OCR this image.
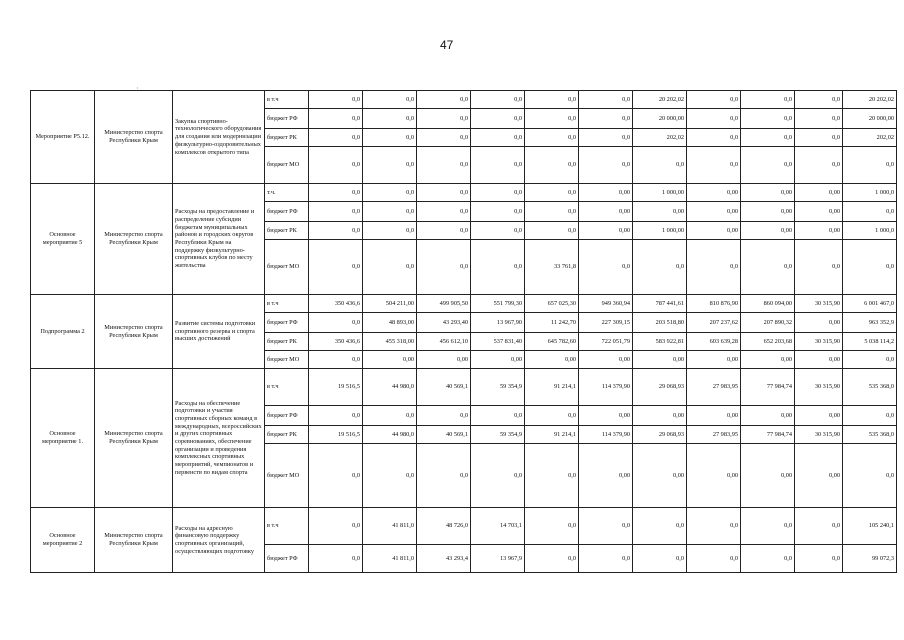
47
·
Мероприятие Р5.12.	Министерство спорта Республики Крым	Закупка спортивно-технологического оборудования для создания или модернизации физкультурно-оздоровительных комплексов открытого типа	в т.ч	0,0	0,0	0,0	0,0	0,0	0,0	20 202,02	0,0	0,0	0,0	20 202,02
			бюджет РФ	0,0	0,0	0,0	0,0	0,0	0,0	20 000,00	0,0	0,0	0,0	20 000,00
			бюджет РК	0,0	0,0	0,0	0,0	0,0	0,0	202,02	0,0	0,0	0,0	202,02
			бюджет МО	0,0	0,0	0,0	0,0	0,0	0,0	0,0	0,0	0,0	0,0	0,0
Основное мероприятие 5	Министерство спорта Республики Крым	Расходы на предоставление и распределение субсидии бюджетам муниципальных районов и городских округов Республики Крым на поддержку физкультурно-спортивных клубов по месту жительства	т.ч.	0,0	0,0	0,0	0,0	0,0	0,00	1 000,00	0,00	0,00	0,00	1 000,0
			бюджет РФ	0,0	0,0	0,0	0,0	0,0	0,00	0,00	0,00	0,00	0,00	0,0
			бюджет РК	0,0	0,0	0,0	0,0	0,0	0,00	1 000,00	0,00	0,00	0,00	1 000,0
			бюджет МО	0,0	0,0	0,0	0,0	33 761,8	0,0	0,0	0,0	0,0	0,0	0,0
Подпрограмма 2	Министерство спорта Республики Крым	Развитие системы подготовки спортивного резерва и спорта высших достижений	в т.ч	350 436,6	504 211,00	499 905,50	551 799,30	657 025,30	949 360,94	787 441,61	810 876,90	860 094,00	30 315,90	6 001 467,0
			бюджет РФ	0,0	48 893,00	43 293,40	13 967,90	11 242,70	227 309,15	203 518,80	207 237,62	207 890,32	0,00	963 352,9
			бюджет РК	350 436,6	455 318,00	456 612,10	537 831,40	645 782,60	722 051,79	583 922,81	603 639,28	652 203,68	30 315,90	5 038 114,2
			бюджет МО	0,0	0,00	0,00	0,00	0,00	0,00	0,00	0,00	0,00	0,00	0,0
Основное мероприятие 1.	Министерство спорта Республики Крым	Расходы на обеспечение подготовки и участия спортивных сборных команд в международных, всероссийских и других спортивных соревнованиях, обеспечение организации и проведения комплексных спортивных мероприятий, чемпионатов и первенств по видам спорта	в т.ч	19 516,5	44 980,0	40 569,1	59 354,9	91 214,1	114 379,90	29 068,93	27 983,95	77 984,74	30 315,90	535 368,0
			бюджет РФ	0,0	0,0	0,0	0,0	0,0	0,00	0,00	0,00	0,00	0,00	0,0
			бюджет РК	19 516,5	44 980,0	40 569,1	59 354,9	91 214,1	114 379,90	29 068,93	27 983,95	77 984,74	30 315,90	535 368,0
			бюджет МО	0,0	0,0	0,0	0,0	0,0	0,00	0,00	0,00	0,00	0,00	0,0
Основное мероприятие 2	Министерство спорта Республики Крым	Расходы на адресную финансовую поддержку спортивных организаций, осуществляющих подготовку	в т.ч	0,0	41 811,0	48 726,0	14 703,1	0,0	0,0	0,0	0,0	0,0	0,0	105 240,1
			бюджет РФ	0,0	41 811,0	43 293,4	13 967,9	0,0	0,0	0,0	0,0	0,0	0,0	99 072,3
